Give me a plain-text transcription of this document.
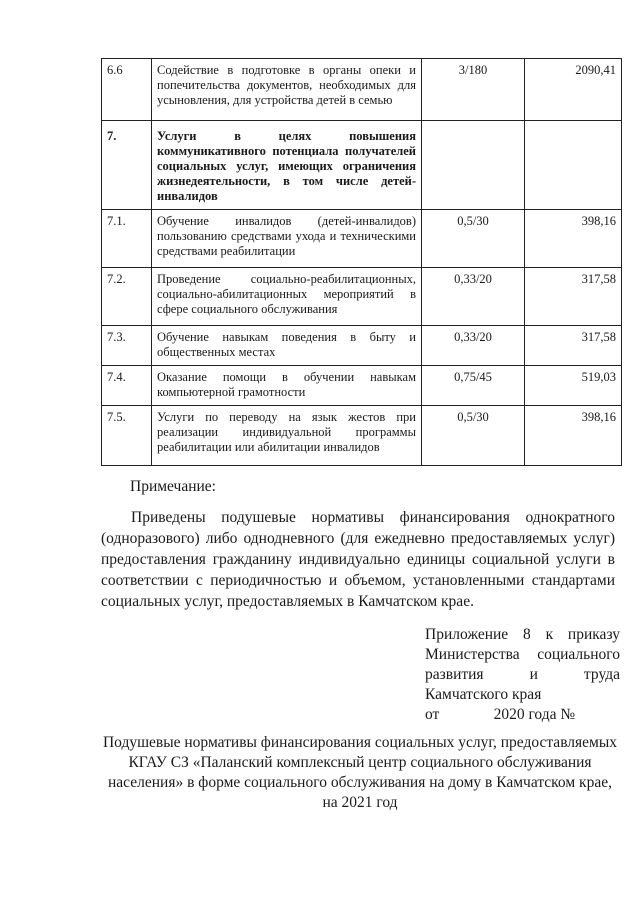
6.6	Содействие в подготовке в органы опеки и попечительства документов, необходимых для усыновления, для устройства детей в семью	3/180	2090,41
7.	Услуги в целях повышения коммуникативного потенциала получателей социальных услуг, имеющих ограничения жизнедеятельности, в том числе детей-инвалидов		
7.1.	Обучение инвалидов (детей-инвалидов) пользованию средствами ухода и техническими средствами реабилитации	0,5/30	398,16
7.2.	Проведение социально-реабилитационных, социально-абилитационных мероприятий в сфере социального обслуживания	0,33/20	317,58
7.3.	Обучение навыкам поведения в быту и общественных местах	0,33/20	317,58
7.4.	Оказание помощи в обучении навыкам компьютерной грамотности	0,75/45	519,03
7.5.	Услуги по переводу на язык жестов при реализации индивидуальной программы реабилитации или абилитации инвалидов	0,5/30	398,16
Примечание:
Приведены подушевые нормативы финансирования однократного (одноразового) либо однодневного (для ежедневно предоставляемых услуг) предоставления гражданину индивидуально единицы социальной услуги в соответствии с периодичностью и объемом, установленными стандартами социальных услуг, предоставляемых в Камчатском крае.
Приложение 8 к приказу Министерства социального развития и труда Камчатского края
от              2020 года №
Подушевые нормативы финансирования социальных услуг, предоставляемых
КГАУ СЗ «Паланский комплексный центр социального обслуживания
населения» в форме социального обслуживания на дому в Камчатском крае,
на 2021 год
